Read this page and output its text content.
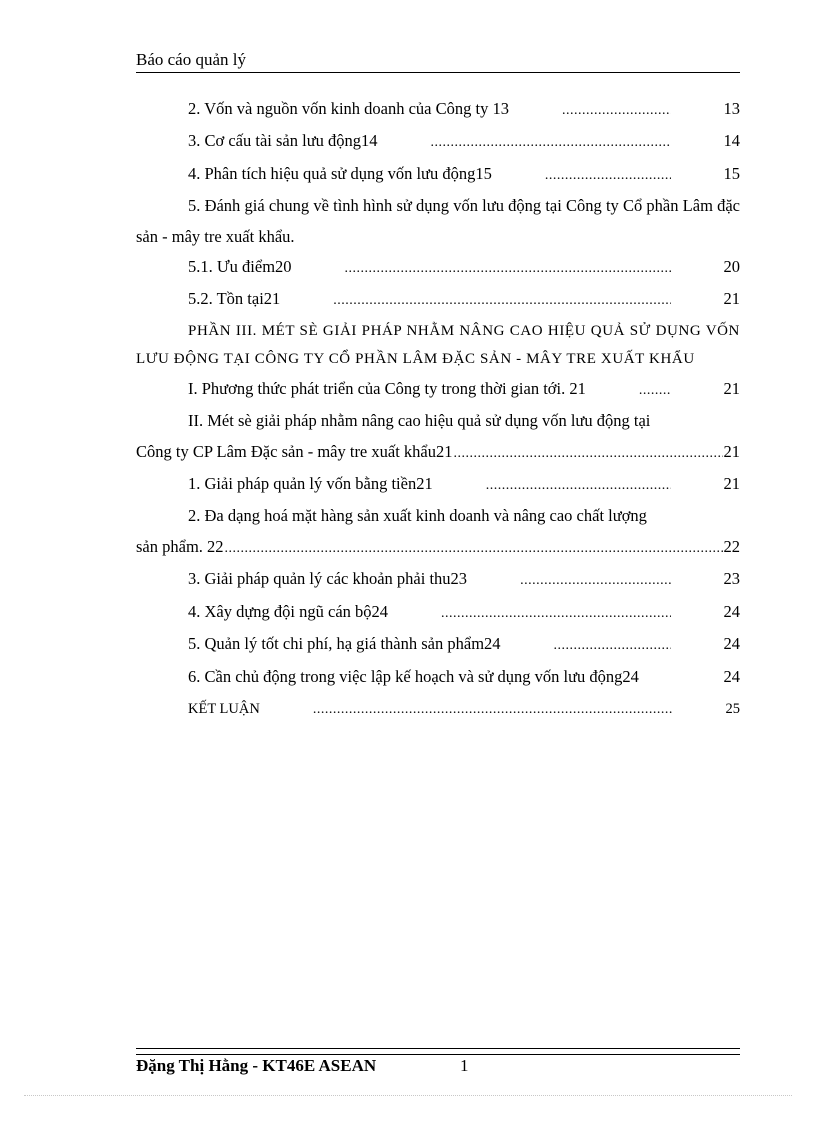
Báo cáo quản lý
2. Vốn và nguồn vốn kinh doanh của Công ty 13 .....	13
3. Cơ cấu tài sản lưu động14 .....	14
4. Phân tích hiệu quả sử dụng vốn lưu động15 .....	15
5. Đánh giá chung về tình hình sử dụng vốn lưu động tại Công ty Cổ phần Lâm đặc sản - mây tre xuất khẩu.
5.1. Ưu điểm20 .....	20
5.2. Tồn tại21 .....	21
PHẦN III. MÉT SÈ GIẢI PHÁP NHẰM NÂNG CAO HIỆU QUẢ SỬ DỤNG VỐN LƯU ĐỘNG TẠI CÔNG TY CỔ PHẦN LÂM ĐẶC SẢN - MÂY TRE XUẤT KHẨU
I. Phương thức phát triển của Công ty trong thời gian tới. 21 .....	21
II. Mét sè giải pháp nhằm nâng cao hiệu quả sử dụng vốn lưu động tại
Công ty CP Lâm Đặc sản - mây tre xuất khẩu21 .....	21
1. Giải pháp quản lý vốn bằng tiền21 .....	21
2. Đa dạng hoá mặt hàng sản xuất kinh doanh và nâng cao chất lượng
sản phẩm. 22 .....	22
3. Giải pháp quản lý các khoản phải thu23 .....	23
4. Xây dựng đội ngũ cán bộ24 .....	24
5. Quản lý tốt chi phí, hạ giá thành sản phẩm24 .....	24
6. Cần chủ động trong việc lập kế hoạch và sử dụng vốn lưu động24 .....	24
KẾT LUẬN .....	25
Đặng Thị Hằng - KT46E ASEAN	1
